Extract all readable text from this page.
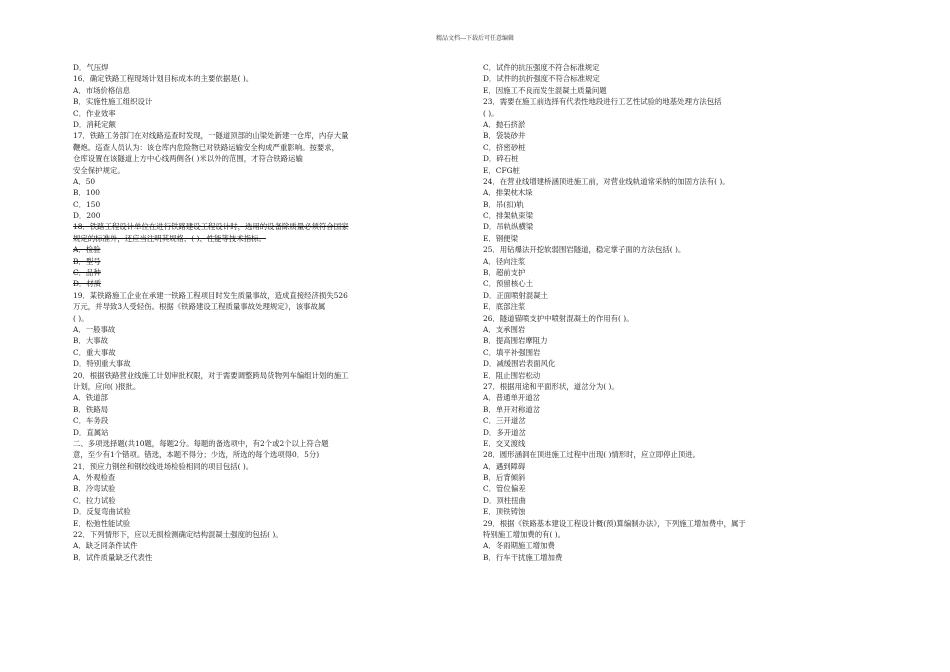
精品文档---下载后可任意编辑
D．气压焊
16．确定铁路工程现场计划目标成本的主要依据是( )。
A．市场价格信息
B．实施性施工组织设计
C．作业效率
D．消耗定额
17．铁路工务部门在对线路巡查时发现，一隧道顶部的山梁处新建一仓库，内存大量
鞭炮。巡查人员认为：该仓库内危险物已对铁路运输安全构成严重影响。按要求，
仓库设置在该隧道上方中心线两侧各( )米以外的范围，才符合铁路运输
安全保护规定。
A．50
B．100
C．150
D．200
18．铁路工程设计单位在进行铁路建设工程设计时，选用的设备除质量必须符合国家
规定的标准外，还应当注明其规格、( )、性能等技术指标。
A．检验
B．型号
C．品种
D．材质
19．某铁路施工企业在承建一铁路工程项目时发生质量事故，造成直接经济损失526
万元，并导致3人受轻伤。根据《铁路建设工程质量事故处理规定》，该事故属
( )。
A．一般事故
B．大事故
C．重大事故
D．特别重大事故
20．根据铁路营业线施工计划审批权限，对于需要调整跨局货物列车编组计划的施工
计划，应向( )报批。
A．铁道部
B．铁路局
C．车务段
D．直属站
二、多项选择题(共10题，每题2分。每题的备选项中，有2个或2个以上符合题
意，至少有1个错项。错选，本题不得分；少选，所选的每个选项得0．5分)
21．预应力钢丝和钢绞线进场检验相同的项目包括( )。
A．外观检查
B．冷弯试验
C．拉力试验
D．反复弯曲试验
E．松弛性能试验
22．下列情形下，应以无损检测确定结构混凝土强度的包括( )。
A．缺乏同条件试件
B．试件质量缺乏代表性
C．试件的抗压强度不符合标准规定
D．试件的抗折强度不符合标准规定
E．因施工不良而发生混凝土质量问题
23．需要在施工前选择有代表性地段进行工艺性试验的地基处理方法包括
( )。
A．抛石挤淤
B．袋装砂井
C．挤密砂桩
D．碎石桩
E．CFG桩
24．在营业线增建桥涵顶进施工前，对营业线轨道常采纳的加固方法有( )。
A．排架枕木垛
B．吊(扣)轨
C．排架轨束梁
D．吊轨纵横梁
E．钢便梁
25．用钻爆法开挖软弱围岩隧道，稳定掌子面的方法包括( )。
A．径向注浆
B．超前支护
C．预留核心土
D．正面喷射混凝土
E．底部注浆
26．隧道锚喷支护中喷射混凝土的作用有( )。
A．支承围岩
B．提高围岩摩阻力
C．填平补强围岩
D．减缓围岩表面风化
E．阻止围岩松动
27．根据用途和平面形状，道岔分为( )。
A．普通单开道岔
B．单开对称道岔
C．三开道岔
D．多开道岔
E．交叉渡线
28．圆形涵洞在顶进施工过程中出现( )情形时，应立即停止顶进。
A．遇到障碍
B．后背倾斜
C．管位偏差
D．顶柱扭曲
E．顶铁铸蚀
29．根据《铁路基本建设工程设计概(预)算编制办法》，下列施工增加费中，属于
特别施工增加费的有( )。
A．冬雨期施工增加费
B．行车干扰施工增加费
